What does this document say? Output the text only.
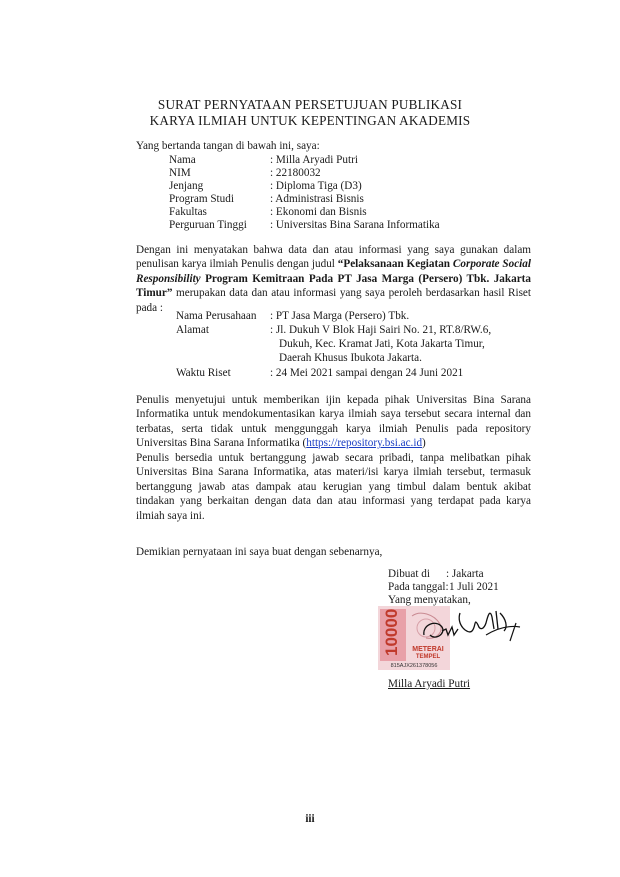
SURAT PERNYATAAN PERSETUJUAN PUBLIKASI
KARYA ILMIAH UNTUK KEPENTINGAN AKADEMIS
Yang bertanda tangan di bawah ini, saya:
Nama	: Milla Aryadi Putri
NIM	: 22180032
Jenjang	: Diploma Tiga (D3)
Program Studi	: Administrasi Bisnis
Fakultas	: Ekonomi dan Bisnis
Perguruan Tinggi : Universitas Bina Sarana Informatika
Dengan ini menyatakan bahwa data dan atau informasi yang saya gunakan dalam penulisan karya ilmiah Penulis dengan judul “Pelaksanaan Kegiatan Corporate Social Responsibility Program Kemitraan Pada PT Jasa Marga (Persero) Tbk. Jakarta Timur” merupakan data dan atau informasi yang saya peroleh berdasarkan hasil Riset pada :
Nama Perusahaan : PT Jasa Marga (Persero) Tbk.
Alamat	: Jl. Dukuh V Blok Haji Sairi No. 21, RT.8/RW.6,
Dukuh, Kec. Kramat Jati, Kota Jakarta Timur,
Daerah Khusus Ibukota Jakarta.
Waktu Riset	: 24 Mei 2021 sampai dengan 24 Juni 2021
Penulis menyetujui untuk memberikan ijin kepada pihak Universitas Bina Sarana Informatika untuk mendokumentasikan karya ilmiah saya tersebut secara internal dan terbatas, serta tidak untuk menggunggah karya ilmiah Penulis pada repository Universitas Bina Sarana Informatika (https://repository.bsi.ac.id)
Penulis bersedia untuk bertanggung jawab secara pribadi, tanpa melibatkan pihak Universitas Bina Sarana Informatika, atas materi/isi karya ilmiah tersebut, termasuk bertanggung jawab atas dampak atau kerugian yang timbul dalam bentuk akibat tindakan yang berkaitan dengan data dan atau informasi yang terdapat pada karya ilmiah saya ini.
Demikian pernyataan ini saya buat dengan sebenarnya,
Dibuat di : Jakarta
Pada tanggal: 1 Juli 2021
Yang menyatakan,
10000 METERAI
TEMPEL
815AJX261378056
Milla Aryadi Putri
iii
